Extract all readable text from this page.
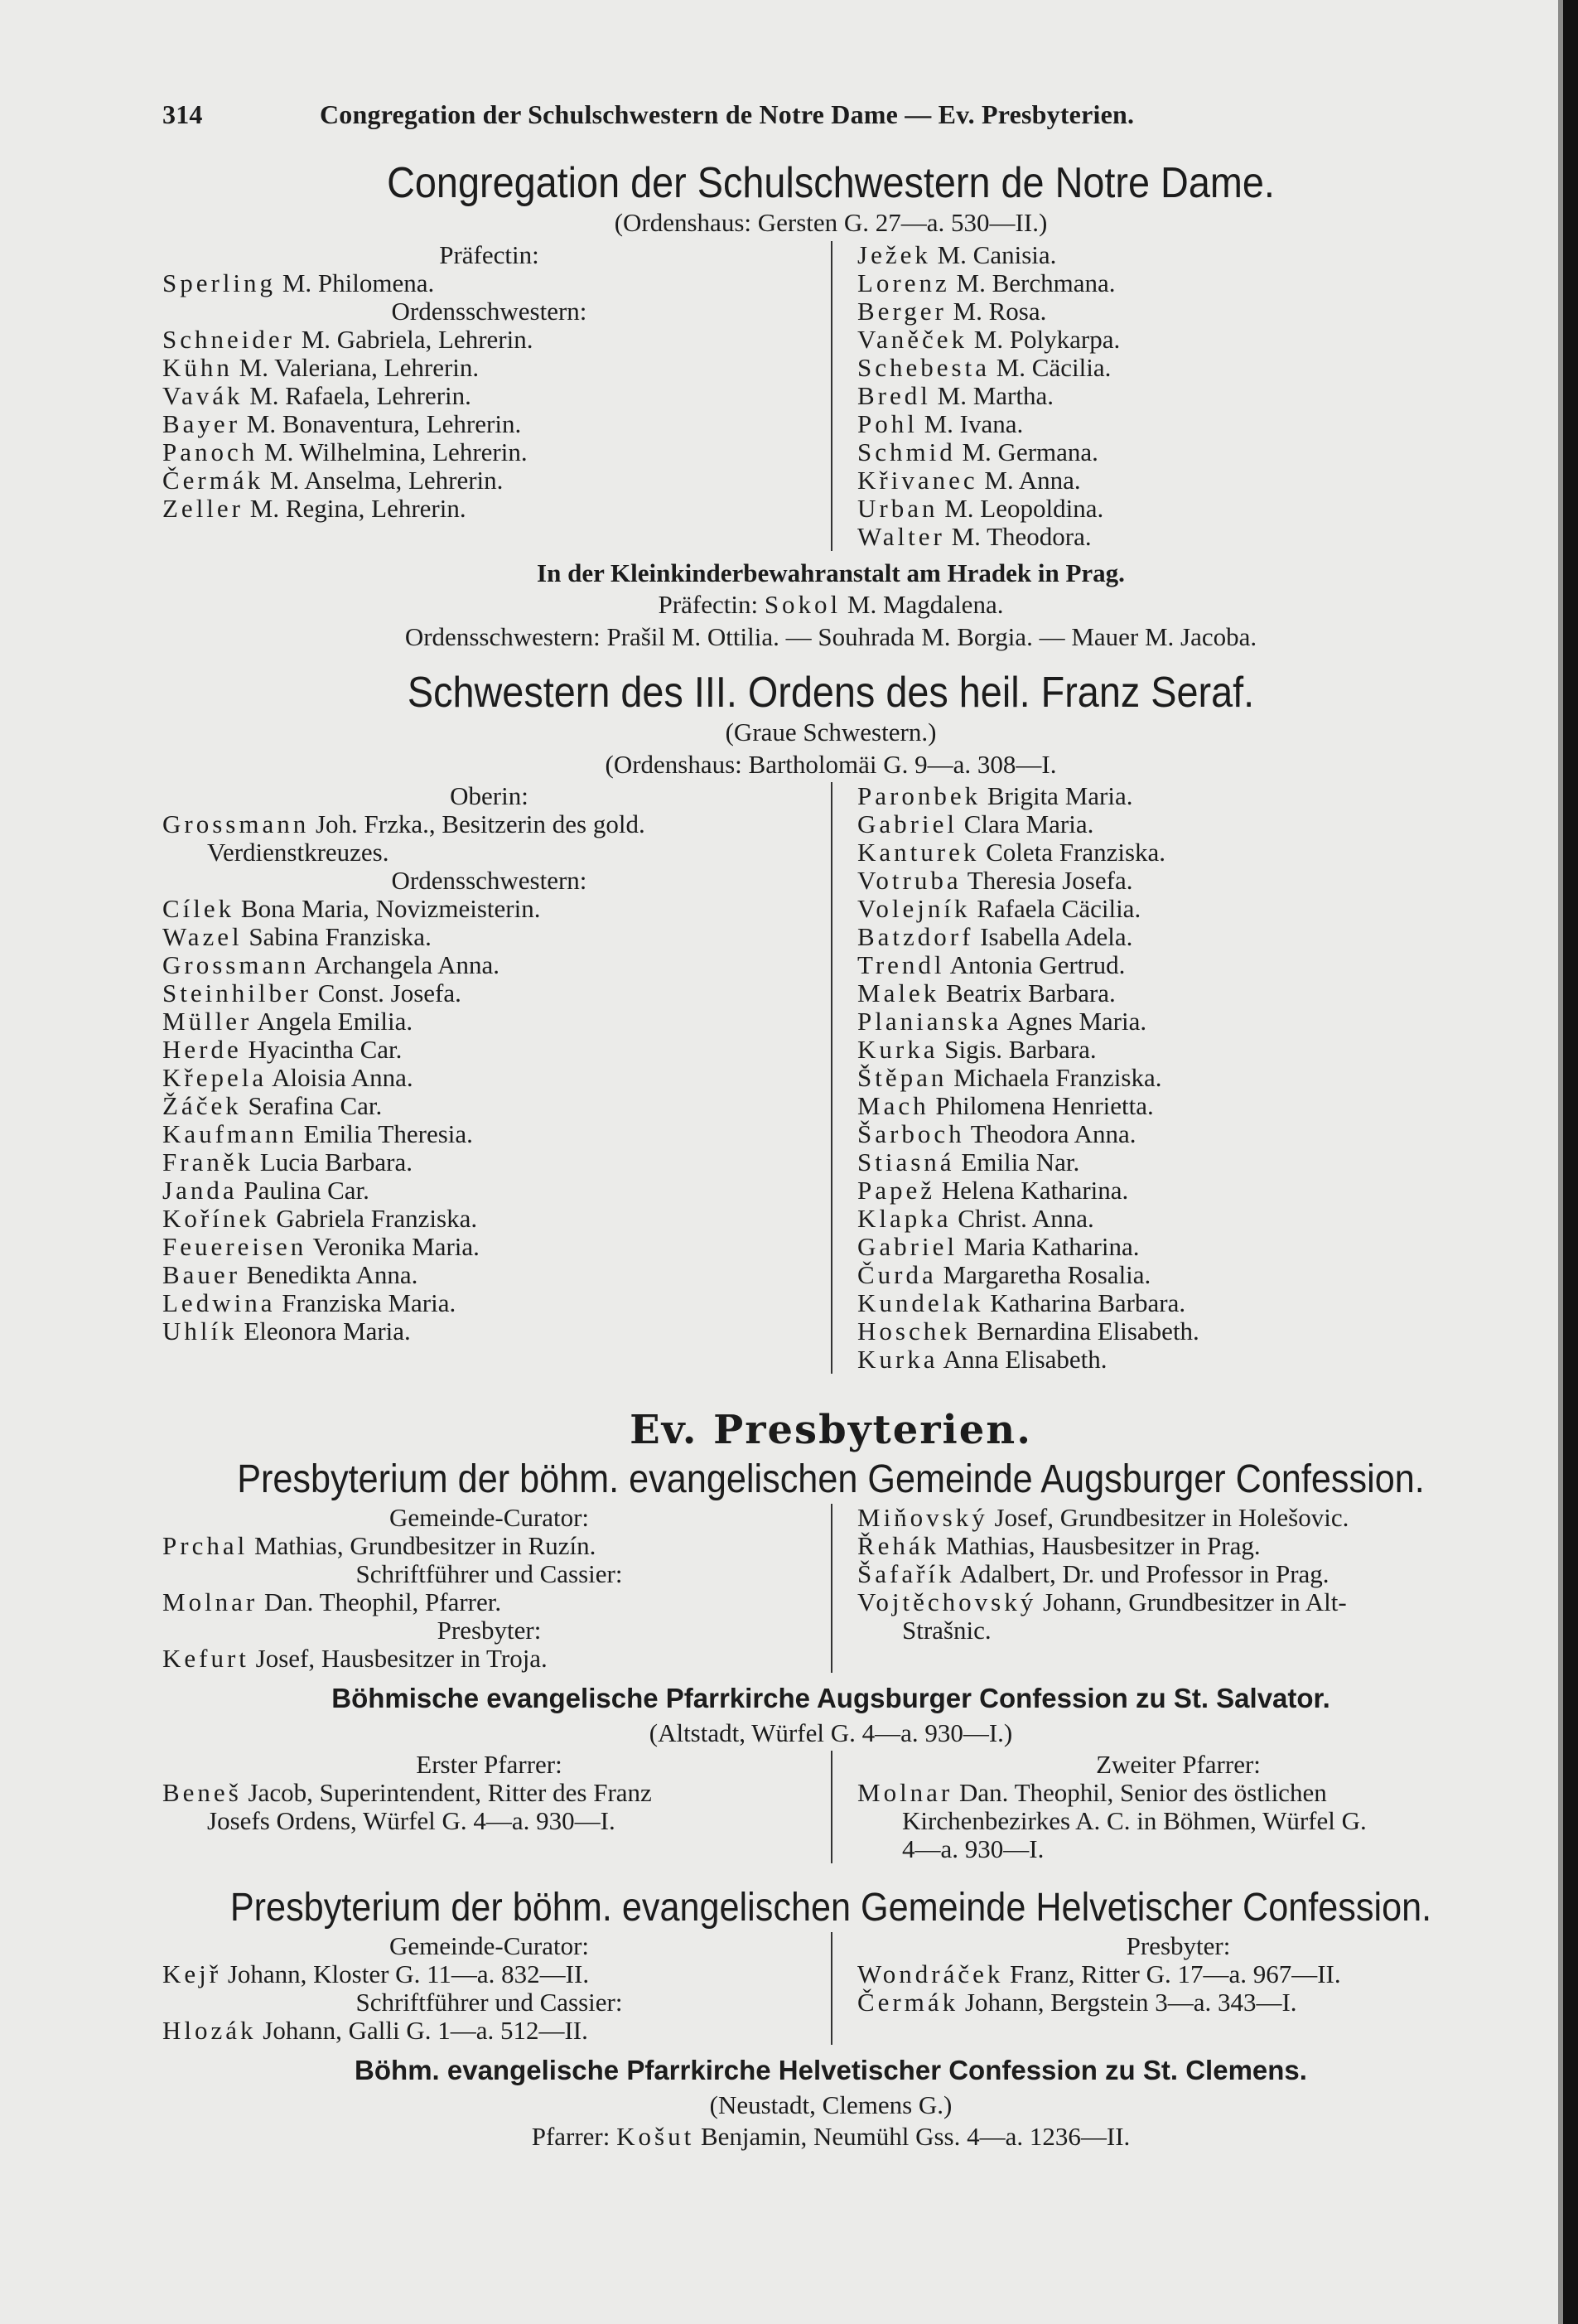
314	Congregation der Schulschwestern de Notre Dame — Ev. Presbyterien.
Congregation der Schulschwestern de Notre Dame.
(Ordenshaus: Gersten G. 27—a. 530—II.)
Präfectin:
Sperling M. Philomena.
Ordensschwestern:
Schneider M. Gabriela, Lehrerin.
Kühn M. Valeriana, Lehrerin.
Vavák M. Rafaela, Lehrerin.
Bayer M. Bonaventura, Lehrerin.
Panoch M. Wilhelmina, Lehrerin.
Čermák M. Anselma, Lehrerin.
Zeller M. Regina, Lehrerin.
Ježek M. Canisia.
Lorenz M. Berchmana.
Berger M. Rosa.
Vaněček M. Polykarpa.
Schebesta M. Cäcilia.
Bredl M. Martha.
Pohl M. Ivana.
Schmid M. Germana.
Křivanec M. Anna.
Urban M. Leopoldina.
Walter M. Theodora.
In der Kleinkinderbewahranstalt am Hradek in Prag.
Präfectin: Sokol M. Magdalena.
Ordensschwestern: Prašil M. Ottilia. — Souhrada M. Borgia. — Mauer M. Jacoba.
Schwestern des III. Ordens des heil. Franz Seraf.
(Graue Schwestern.)
(Ordenshaus: Bartholomäi G. 9—a. 308—I.
Oberin:
Grossmann Joh. Frzka., Besitzerin des gold.
Verdienstkreuzes.
Ordensschwestern:
Cílek Bona Maria, Novizmeisterin.
Wazel Sabina Franziska.
Grossmann Archangela Anna.
Steinhilber Const. Josefa.
Müller Angela Emilia.
Herde Hyacintha Car.
Křepela Aloisia Anna.
Žáček Serafina Car.
Kaufmann Emilia Theresia.
Franěk Lucia Barbara.
Janda Paulina Car.
Kořínek Gabriela Franziska.
Feuereisen Veronika Maria.
Bauer Benedikta Anna.
Ledwina Franziska Maria.
Uhlík Eleonora Maria.
Paronbek Brigita Maria.
Gabriel Clara Maria.
Kanturek Coleta Franziska.
Votruba Theresia Josefa.
Volejník Rafaela Cäcilia.
Batzdorf Isabella Adela.
Trendl Antonia Gertrud.
Malek Beatrix Barbara.
Planianska Agnes Maria.
Kurka Sigis. Barbara.
Štěpan Michaela Franziska.
Mach Philomena Henrietta.
Šarboch Theodora Anna.
Stiasná Emilia Nar.
Papež Helena Katharina.
Klapka Christ. Anna.
Gabriel Maria Katharina.
Čurda Margaretha Rosalia.
Kundelak Katharina Barbara.
Hoschek Bernardina Elisabeth.
Kurka Anna Elisabeth.
Ev. Presbyterien.
Presbyterium der böhm. evangelischen Gemeinde Augsburger Confession.
Gemeinde-Curator:
Prchal Mathias, Grundbesitzer in Ruzín.
Schriftführer und Cassier:
Molnar Dan. Theophil, Pfarrer.
Presbyter:
Kefurt Josef, Hausbesitzer in Troja.
Miňovský Josef, Grundbesitzer in Holešovic.
Řehák Mathias, Hausbesitzer in Prag.
Šafařík Adalbert, Dr. und Professor in Prag.
Vojtěchovský Johann, Grundbesitzer in Alt-
Strašnic.
Böhmische evangelische Pfarrkirche Augsburger Confession zu St. Salvator.
(Altstadt, Würfel G. 4—a. 930—I.)
Erster Pfarrer:
Beneš Jacob, Superintendent, Ritter des Franz
Josefs Ordens, Würfel G. 4—a. 930—I.
Zweiter Pfarrer:
Molnar Dan. Theophil, Senior des östlichen
Kirchenbezirkes A. C. in Böhmen, Würfel G.
4—a. 930—I.
Presbyterium der böhm. evangelischen Gemeinde Helvetischer Confession.
Gemeinde-Curator:
Kejř Johann, Kloster G. 11—a. 832—II.
Schriftführer und Cassier:
Hlozák Johann, Galli G. 1—a. 512—II.
Presbyter:
Wondráček Franz, Ritter G. 17—a. 967—II.
Čermák Johann, Bergstein 3—a. 343—I.
Böhm. evangelische Pfarrkirche Helvetischer Confession zu St. Clemens.
(Neustadt, Clemens G.)
Pfarrer: Košut Benjamin, Neumühl Gss. 4—a. 1236—II.
